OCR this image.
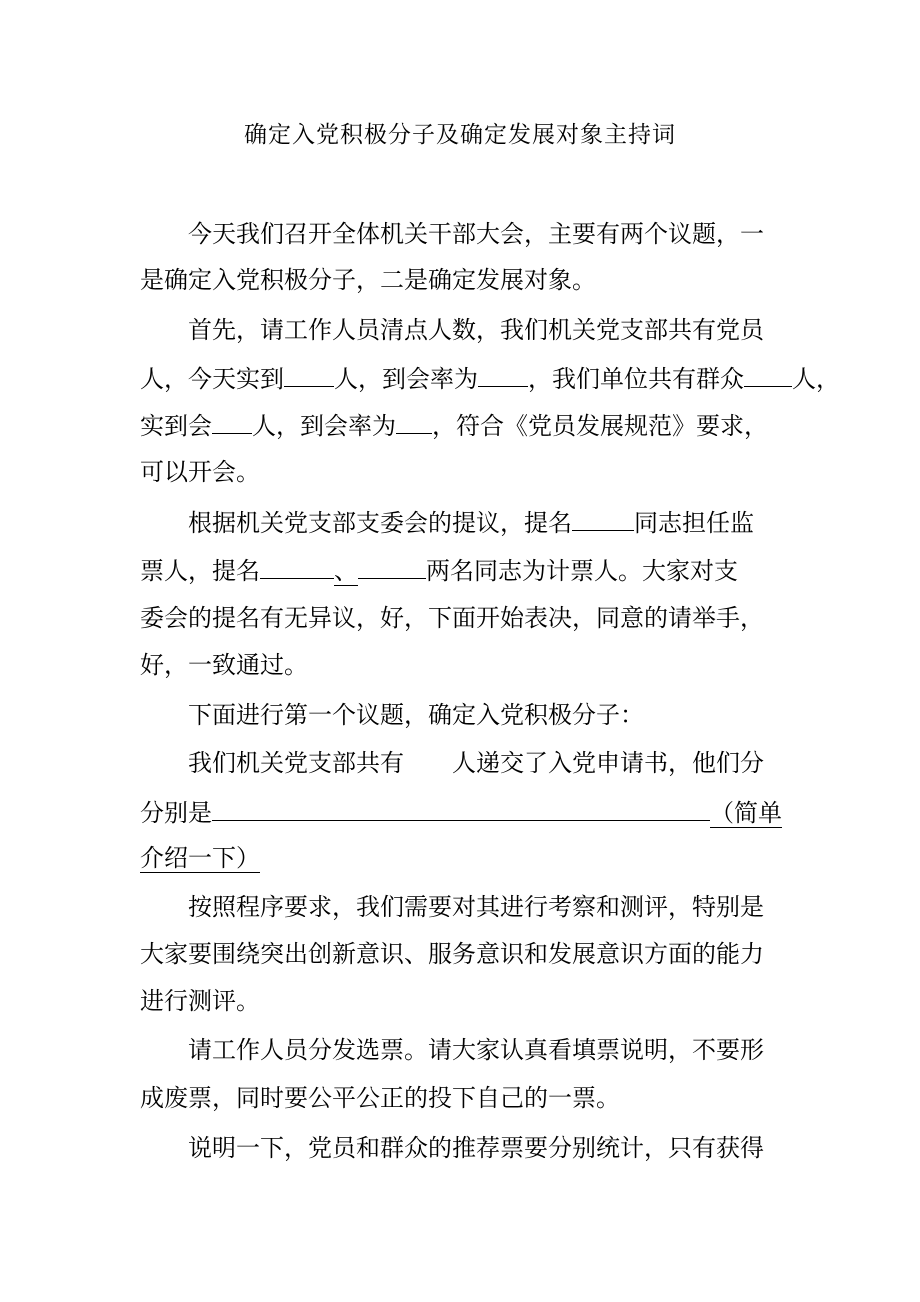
确定入党积极分子及确定发展对象主持词
今天我们召开全体机关干部大会，主要有两个议题，一
是确定入党积极分子，二是确定发展对象。
首先，请工作人员清点人数，我们机关党支部共有党员
人，今天实到 人，到会率为 ，我们单位共有群众 人，
实到会 人，到会率为 ，符合《党员发展规范》要求，
可以开会。
根据机关党支部支委会的提议，提名	同志担任监
票人，提名	、	两名同志为计票人。大家对支
委会的提名有无异议，好，下面开始表决，同意的请举手，
好，一致通过。
下面进行第一个议题，确定入党积极分子：
我们机关党支部共有 人递交了入党申请书，他们分
分别是	（简单
介绍一下）
按照程序要求，我们需要对其进行考察和测评，特别是
大家要围绕突出创新意识、服务意识和发展意识方面的能力
进行测评。
请工作人员分发选票。请大家认真看填票说明，不要形
成废票，同时要公平公正的投下自己的一票。
说明一下，党员和群众的推荐票要分别统计，只有获得
